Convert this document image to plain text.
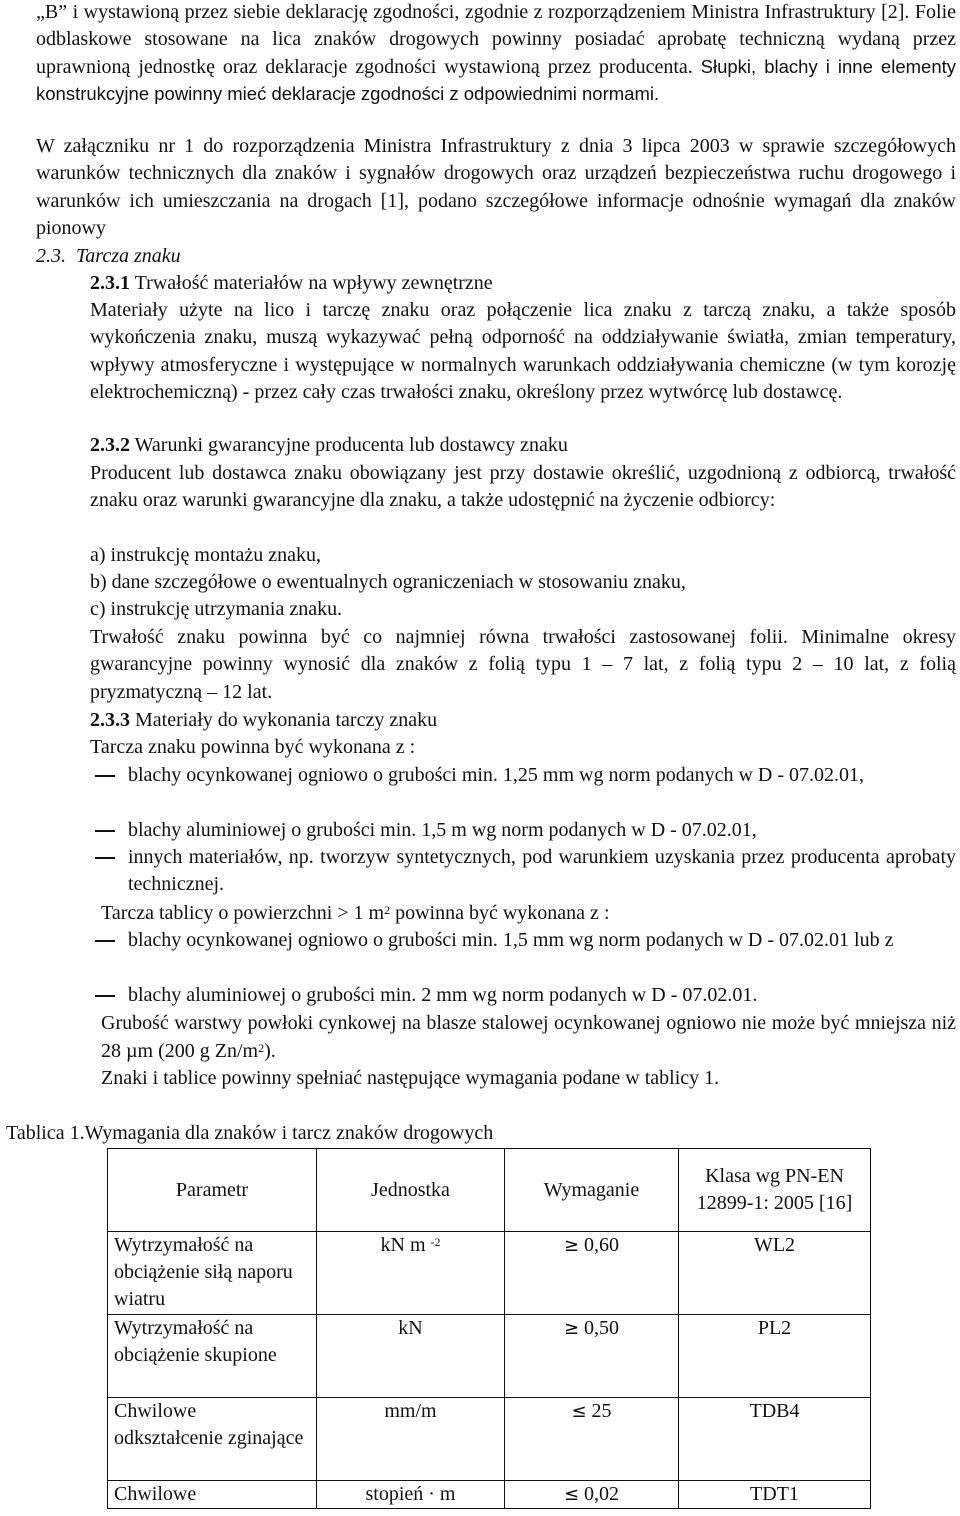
„B” i wystawioną przez siebie deklarację zgodności, zgodnie z rozporządzeniem Ministra Infrastruktury [2]. Folie odblaskowe stosowane na lica znaków drogowych powinny posiadać aprobatę techniczną wydaną przez uprawnioną jednostkę oraz deklaracje zgodności wystawioną przez producenta. Słupki, blachy i inne elementy konstrukcyjne powinny mieć deklaracje zgodności z odpowiednimi normami.

W załączniku nr 1 do rozporządzenia Ministra Infrastruktury z dnia 3 lipca 2003 w sprawie szczegółowych warunków technicznych dla znaków i sygnałów drogowych oraz urządzeń bezpieczeństwa ruchu drogowego i warunków ich umieszczania na drogach [1], podano szczegółowe informacje odnośnie wymagań dla znaków pionowy

2.3. Tarcza znaku
2.3.1 Trwałość materiałów na wpływy zewnętrzne

Materiały użyte na lico i tarczę znaku oraz połączenie lica znaku z tarczą znaku, a także sposób wykończenia znaku, muszą wykazywać pełną odporność na oddziaływanie światła, zmian temperatury, wpływy atmosferyczne i występujące w normalnych warunkach oddziaływania chemiczne (w tym korozję elektrochemiczną) - przez cały czas trwałości znaku, określony przez wytwórcę lub dostawcę.

2.3.2 Warunki gwarancyjne producenta lub dostawcy znaku

Producent lub dostawca znaku obowiązany jest przy dostawie określić, uzgodnioną z odbiorcą, trwałość znaku oraz warunki gwarancyjne dla znaku, a także udostępnić na życzenie odbiorcy:

a) instrukcję montażu znaku,
b) dane szczegółowe o ewentualnych ograniczeniach w stosowaniu znaku,
c) instrukcję utrzymania znaku.

Trwałość znaku powinna być co najmniej równa trwałości zastosowanej folii. Minimalne okresy gwarancyjne powinny wynosić dla znaków z folią typu 1 – 7 lat, z folią typu 2 – 10 lat, z folią pryzmatyczną – 12 lat.

2.3.3 Materiały do wykonania tarczy znaku
Tarcza znaku powinna być wykonana z :
blachy ocynkowanej ogniowo o grubości min. 1,25 mm wg norm podanych w D - 07.02.01,
blachy aluminiowej o grubości min. 1,5 m wg norm podanych w D - 07.02.01,
innych materiałów, np. tworzyw syntetycznych, pod warunkiem uzyskania przez producenta aprobaty technicznej.
Tarcza tablicy o powierzchni > 1 $m^2$ powinna być wykonana z :
blachy ocynkowanej ogniowo o grubości min. 1,5 mm wg norm podanych w D - 07.02.01 lub z
blachy aluminiowej o grubości min. 2 mm wg norm podanych w D - 07.02.01.

Grubość warstwy powłoki cynkowej na blasze stalowej ocynkowanej ogniowo nie może być mniejsza niż 28 µm (200 g $Zn/m^2$).

Znaki i tablice powinny spełniać następujące wymagania podane w tablicy 1.
Tablica 1.Wymagania dla znaków i tarcz znaków drogowych
Parametr	Jednostka	Wymaganie	Klasa wg PN-EN 12899-1: 2005 [16]
Wytrzymałość na obciążenie siłą naporu wiatru	kN m $^{-2}$	≥ 0,60	WL2
Wytrzymałość na obciążenie skupione	kN	≥ 0,50	PL2
Chwilowe odkształcenie zginające	mm/m	≤ 25	TDB4
Chwilowe	stopień · m	≤ 0,02	TDT1
